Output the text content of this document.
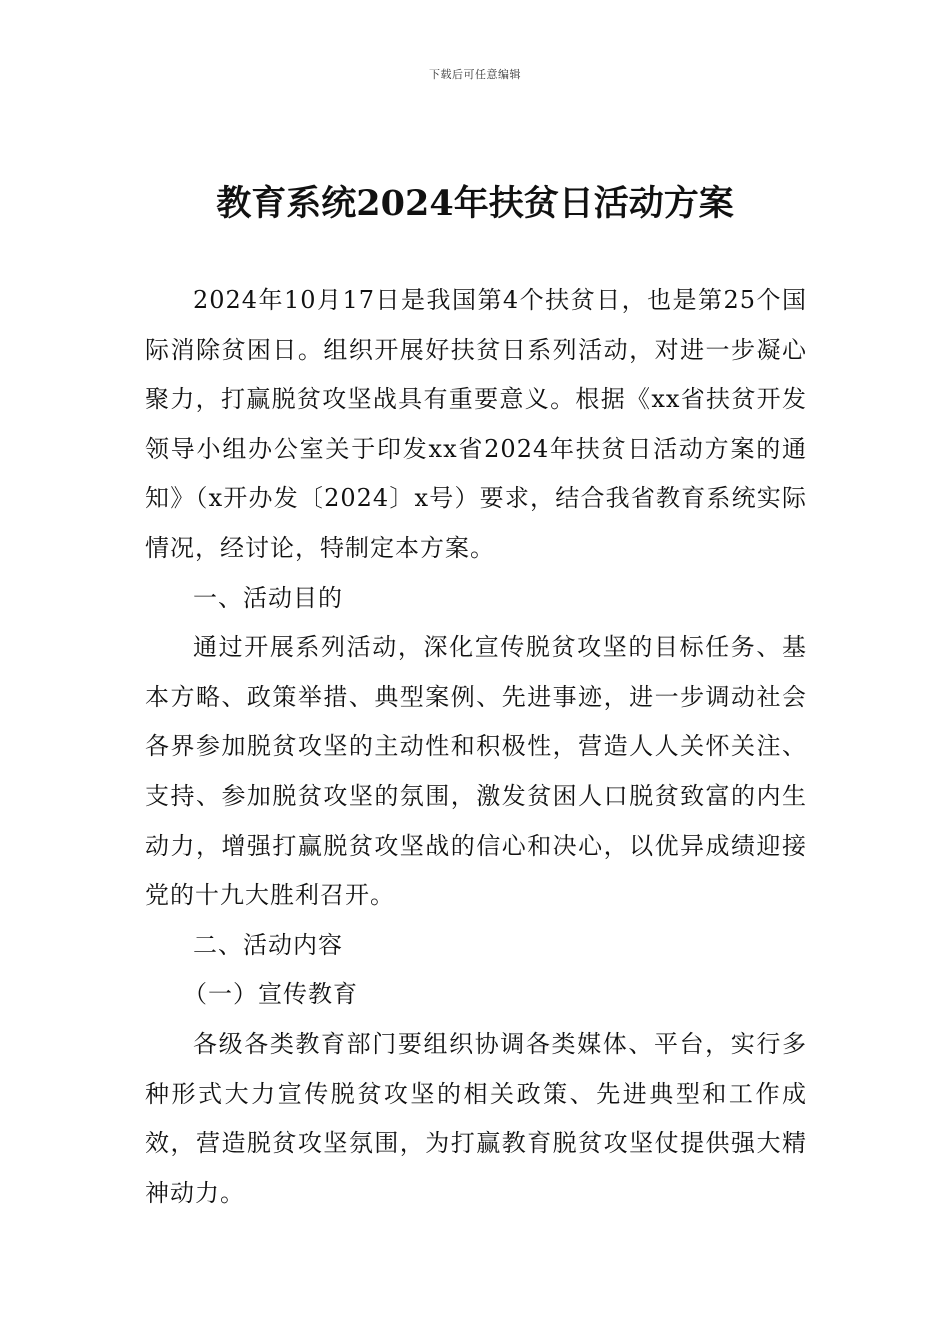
下载后可任意编辑
教育系统2024年扶贫日活动方案

2024年10月17日是我国第4个扶贫日，也是第25个国际消除贫困日。组织开展好扶贫日系列活动，对进一步凝心聚力，打赢脱贫攻坚战具有重要意义。根据《xx省扶贫开发领导小组办公室关于印发xx省2024年扶贫日活动方案的通知》（x开办发〔2024〕x号）要求，结合我省教育系统实际情况，经讨论，特制定本方案。

一、活动目的

通过开展系列活动，深化宣传脱贫攻坚的目标任务、基本方略、政策举措、典型案例、先进事迹，进一步调动社会各界参加脱贫攻坚的主动性和积极性，营造人人关怀关注、支持、参加脱贫攻坚的氛围，激发贫困人口脱贫致富的内生动力，增强打赢脱贫攻坚战的信心和决心，以优异成绩迎接党的十九大胜利召开。

二、活动内容

（一）宣传教育

各级各类教育部门要组织协调各类媒体、平台，实行多种形式大力宣传脱贫攻坚的相关政策、先进典型和工作成效，营造脱贫攻坚氛围，为打赢教育脱贫攻坚仗提供强大精神动力。
